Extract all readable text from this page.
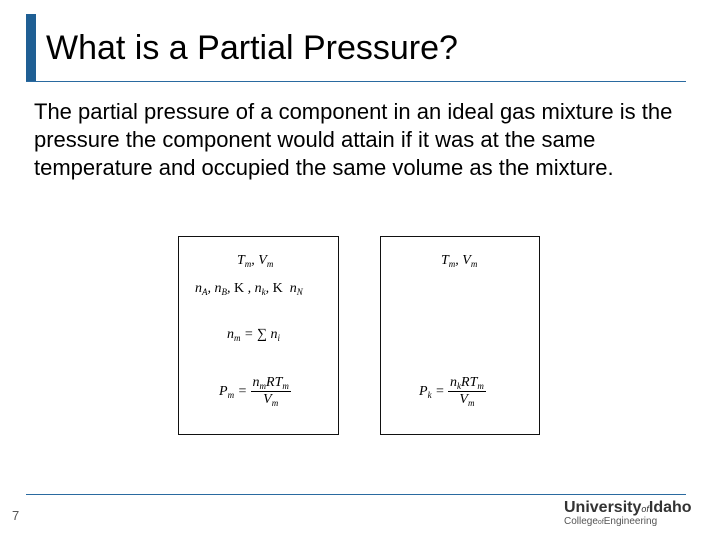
What is a Partial Pressure?
The partial pressure of a component in an ideal gas mixture is the pressure the component would attain if it was at the same temperature and occupied the same volume as the mixture.
$T_m$, $V_m$
$n_A$, $n_B$, K , $n_k$, K  $n_N$
$n_m$ = ∑ $n_i$
$P_m = \frac{n_mRT_m}{V_m}$
$T_m$, $V_m$
$P_k = \frac{n_kRT_m}{V_m}$
7	UniversityofIdaho
CollegeofEngineering
